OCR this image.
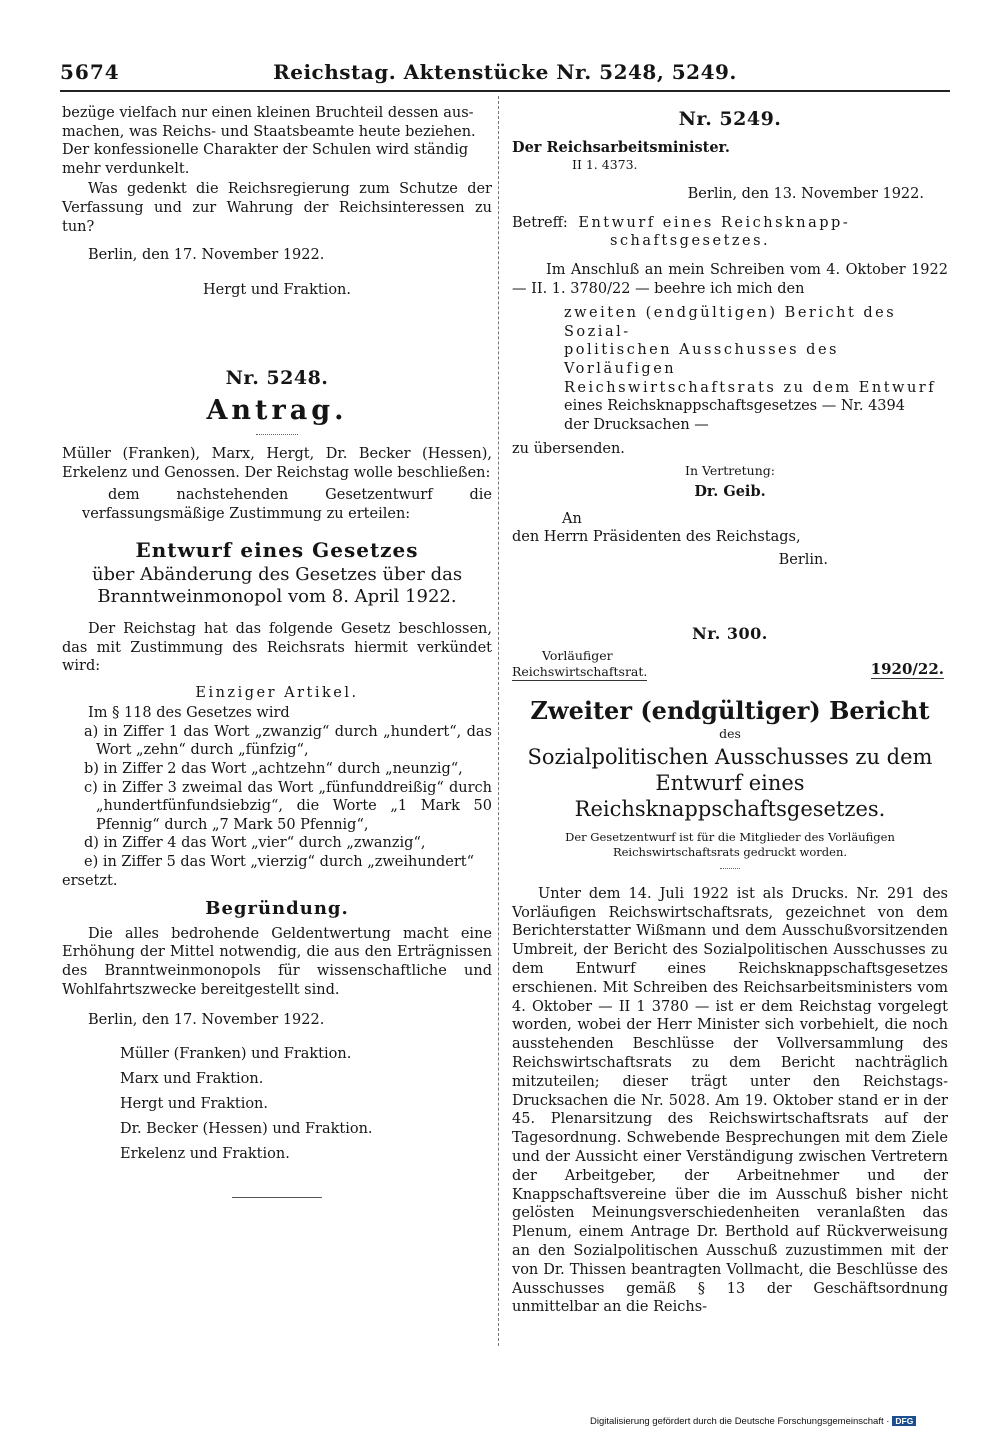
5674	Reichstag. Aktenstücke Nr. 5248, 5249.

bezüge vielfach nur einen kleinen Bruchteil dessen aus-

machen, was Reichs- und Staatsbeamte heute beziehen.

Der konfessionelle Charakter der Schulen wird ständig

mehr verdunkelt.

Was gedenkt die Reichsregierung zum Schutze der Verfassung und zur Wahrung der Reichsinteressen zu tun?

Berlin, den 17. November 1922.

Hergt und Fraktion.

Nr. 5248.

Antrag.

Müller (Franken), Marx, Hergt, Dr. Becker (Hessen), Erkelenz und Genossen. Der Reichstag wolle beschließen:

dem nachstehenden Gesetzentwurf die verfassungsmäßige Zustimmung zu erteilen:

Entwurf eines Gesetzes

über Abänderung des Gesetzes über das Branntweinmonopol vom 8. April 1922.

Der Reichstag hat das folgende Gesetz beschlossen, das mit Zustimmung des Reichsrats hiermit verkündet wird:

Einziger Artikel.

Im § 118 des Gesetzes wird

a) in Ziffer 1 das Wort „zwanzig“ durch „hundert“, das Wort „zehn“ durch „fünfzig“,

b) in Ziffer 2 das Wort „achtzehn“ durch „neunzig“,

c) in Ziffer 3 zweimal das Wort „fünfunddreißig“ durch „hundertfünfundsiebzig“, die Worte „1 Mark 50 Pfennig“ durch „7 Mark 50 Pfennig“,

d) in Ziffer 4 das Wort „vier“ durch „zwanzig“,

e) in Ziffer 5 das Wort „vierzig“ durch „zweihundert“

ersetzt.

Begründung.

Die alles bedrohende Geldentwertung macht eine Erhöhung der Mittel notwendig, die aus den Erträgnissen des Branntweinmonopols für wissenschaftliche und Wohlfahrtszwecke bereitgestellt sind.

Berlin, den 17. November 1922.

Müller (Franken) und Fraktion.

Marx und Fraktion.

Hergt und Fraktion.

Dr. Becker (Hessen) und Fraktion.

Erkelenz und Fraktion.

Nr. 5249.

Der Reichsarbeitsminister.

II 1. 4373.

Berlin, den 13. November 1922.

Betreff: Entwurf eines Reichsknapp-

schaftsgesetzes.

Im Anschluß an mein Schreiben vom 4. Oktober 1922 — II. 1. 3780/22 — beehre ich mich den

zweiten (endgültigen) Bericht des Sozial-

politischen Ausschusses des Vorläufigen

Reichswirtschaftsrats zu dem Entwurf

eines Reichsknappschaftsgesetzes — Nr. 4394

der Drucksachen —

zu übersenden.

In Vertretung:

Dr. Geib.

An

den Herrn Präsidenten des Reichstags,

Berlin.

Nr. 300.

Vorläufiger

Reichswirtschaftsrat.	1920/22.

Zweiter (endgültiger) Bericht

des

Sozialpolitischen Ausschusses zu dem Entwurf eines Reichsknappschaftsgesetzes.

Der Gesetzentwurf ist für die Mitglieder des Vorläufigen Reichswirtschaftsrats gedruckt worden.

Unter dem 14. Juli 1922 ist als Drucks. Nr. 291 des Vorläufigen Reichswirtschaftsrats, gezeichnet von dem Berichterstatter Wißmann und dem Ausschußvorsitzenden Umbreit, der Bericht des Sozialpolitischen Ausschusses zu dem Entwurf eines Reichsknappschaftsgesetzes erschienen. Mit Schreiben des Reichsarbeitsministers vom 4. Oktober — II 1 3780 — ist er dem Reichstag vorgelegt worden, wobei der Herr Minister sich vorbehielt, die noch ausstehenden Beschlüsse der Vollversammlung des Reichswirtschaftsrats zu dem Bericht nachträglich mitzuteilen; dieser trägt unter den Reichstags-Drucksachen die Nr. 5028. Am 19. Oktober stand er in der 45. Plenarsitzung des Reichswirtschaftsrats auf der Tagesordnung. Schwebende Besprechungen mit dem Ziele und der Aussicht einer Verständigung zwischen Vertretern der Arbeitgeber, der Arbeitnehmer und der Knappschaftsvereine über die im Ausschuß bisher nicht gelösten Meinungsverschiedenheiten veranlaßten das Plenum, einem Antrage Dr. Berthold auf Rückverweisung an den Sozialpolitischen Ausschuß zuzustimmen mit der von Dr. Thissen beantragten Vollmacht, die Beschlüsse des Ausschusses gemäß § 13 der Geschäftsordnung unmittelbar an die Reichs-

Digitalisierung gefördert durch die Deutsche Forschungsgemeinschaft · DFG
